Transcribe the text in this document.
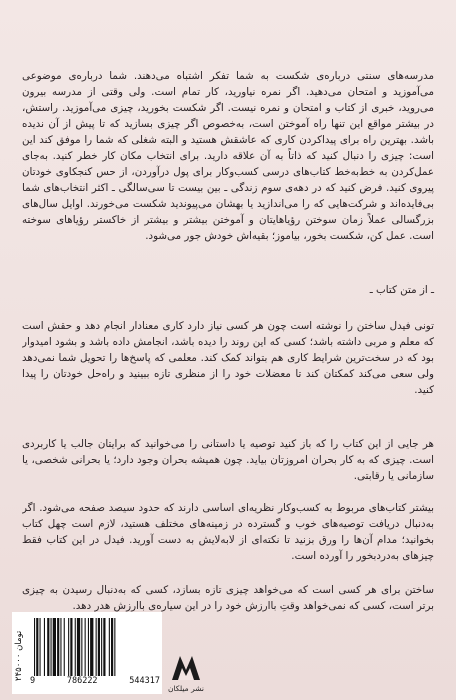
مدرسه‌های سنتی درباره‌ی شکست به شما تفکر اشتباه می‌دهند. شما درباره‌ی موضوعی می‌آموزید و امتحان می‌دهید. اگر نمره نیاورید، کار تمام است. ولی وقتی از مدرسه بیرون می‌روید، خبری از کتاب و امتحان و نمره نیست. اگر شکست بخورید، چیزی می‌آموزید. راستش، در بیشتر مواقع این تنها راه آموختن است، به‌خصوص اگر چیزی بسازید که تا پیش از آن ندیده باشد. بهترین راه برای پیداکردن کاری که عاشقش هستید و البته شغلی که شما را موفق کند این است: چیزی را دنبال کنید که ذاتاً به آن علاقه دارید. برای انتخاب مکان کار خطر کنید. به‌جای عمل‌کردن به خط‌به‌خط کتاب‌های درسی کسب‌وکار برای پول درآوردن، از حس کنجکاوی خودتان پیروی کنید. فرض کنید که در دهه‌ی سوم زندگی ـ بین بیست تا سی‌سالگی ـ اکثر انتخاب‌های شما بی‌فایده‌اند و شرکت‌هایی که را می‌اندازید یا بهشان می‌پیوندید شکست می‌خورند. اوایل سال‌های بزرگسالی عملاً زمان سوختن رؤیاهایتان و آموختن بیشتر و بیشتر از خاکستر رؤیاهای سوخته است. عمل کن، شکست بخور، بیاموز؛ بقیه‌اش خودش جور می‌شود.

ـ از متن کتاب ـ

تونی فیدل ساختن را نوشته است چون هر کسی نیاز دارد کاری معنادار انجام دهد و حقش است که معلم و مربی داشته باشد؛ کسی که این روند را دیده باشد، انجامش داده باشد و بشود امیدوار بود که در سخت‌ترین شرایط کاری هم بتواند کمک کند. معلمی که پاسخ‌ها را تحویل شما نمی‌دهد ولی سعی می‌کند کمکتان کند تا معضلات خود را از منظری تازه ببینید و راه‌حل خودتان را پیدا کنید.

هر جایی از این کتاب را که باز کنید توصیه یا داستانی را می‌خوانید که برایتان جالب یا کاربردی است. چیزی که به کار بحران امروزتان بیاید. چون همیشه بحران وجود دارد؛ یا بحرانی شخصی، یا سازمانی یا رقابتی.

بیشتر کتاب‌های مربوط به کسب‌وکار نظریه‌ای اساسی دارند که حدود سیصد صفحه می‌شود. اگر به‌دنبال دریافت توصیه‌های خوب و گسترده در زمینه‌های مختلف هستید، لازم است چهل کتاب بخوانید؛ مدام آن‌ها را ورق بزنید تا نکته‌ای از لابه‌لایش به دست آورید. فیدل در این کتاب فقط چیزهای به‌دردبخور را آورده است.

ساختن برای هر کسی است که می‌خواهد چیزی تازه بسازد، کسی که به‌دنبال رسیدن به چیزی برتر است، کسی که نمی‌خواهد وقتِ باارزش خود را در این سیاره‌ی باارزش هدر دهد.

۲۴۵۰۰۰ تومان
9	786222	544317
نشر میلکان
